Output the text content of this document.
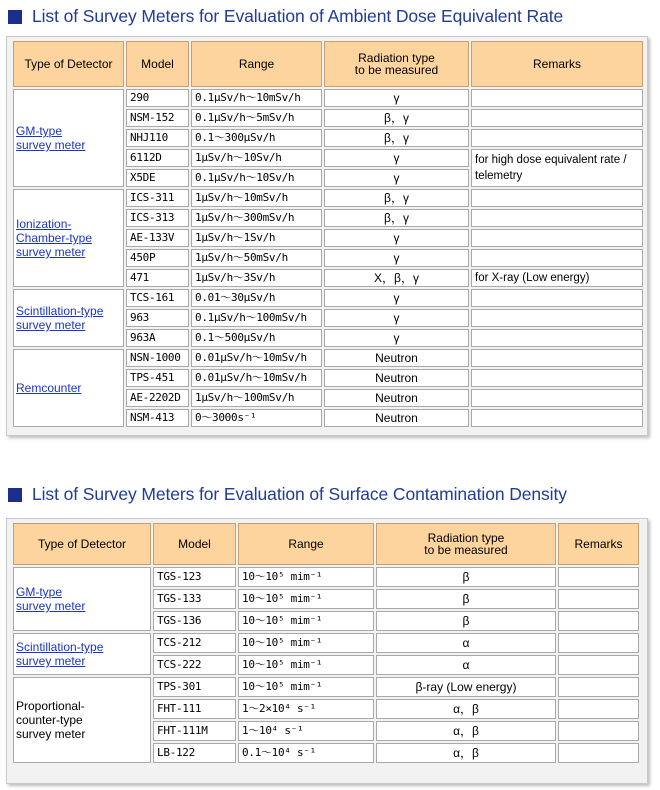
List of Survey Meters for Evaluation of Ambient Dose Equivalent Rate
Type of Detector	Model	Range	Radiation type
to be measured	Remarks
GM-type
survey meter	290	0.1μSv/h～10mSv/h	γ	
	NSM-152	0.1μSv/h～5mSv/h	β，γ	
	NHJ110	0.1～300μSv/h	β，γ	
	6112D	1μSv/h～10Sv/h	γ	for high dose equivalent rate /
telemetry
	X5DE	0.1μSv/h～10Sv/h	γ	
Ionization-
Chamber-type
survey meter	ICS-311	1μSv/h～10mSv/h	β，γ	
	ICS-313	1μSv/h～300mSv/h	β，γ	
	AE-133V	1μSv/h～1Sv/h	γ	
	450P	1μSv/h～50mSv/h	γ	
	471	1μSv/h～3Sv/h	X，β，γ	for X-ray (Low energy)
Scintillation-type
survey meter	TCS-161	0.01～30μSv/h	γ	
	963	0.1μSv/h～100mSv/h	γ	
	963A	0.1～500μSv/h	γ	
Remcounter	NSN-1000	0.01μSv/h～10mSv/h	Neutron	
	TPS-451	0.01μSv/h～10mSv/h	Neutron	
	AE-2202D	1μSv/h～100mSv/h	Neutron	
	NSM-413	0～3000s⁻¹	Neutron	
List of Survey Meters for Evaluation of Surface Contamination Density
Type of Detector	Model	Range	Radiation type
to be measured	Remarks
GM-type
survey meter	TGS-123	10～10⁵ mim⁻¹	β	
	TGS-133	10～10⁵ mim⁻¹	β	
	TGS-136	10～10⁵ mim⁻¹	β	
Scintillation-type
survey meter	TCS-212	10～10⁵ mim⁻¹	α	
	TCS-222	10～10⁵ mim⁻¹	α	
Proportional-
counter-type
survey meter	TPS-301	10～10⁵ mim⁻¹	β-ray (Low energy)	
	FHT-111	1～2×10⁴ s⁻¹	α，β	
	FHT-111M	1～10⁴ s⁻¹	α，β	
	LB-122	0.1～10⁴ s⁻¹	α，β	
